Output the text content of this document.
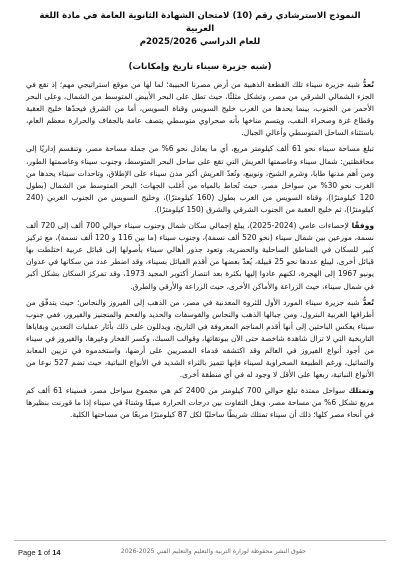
النموذج الاسترشادي رقم (10) لامتحان الشهادة الثانوية العامة في مادة اللغة العربية

للعام الدراسي 2025/2026م

(شبه جزيرة سيناء تاريخ وإمكانات)

تُعدُّ شبه جزيرة سيناء تلك القطعة الذهبية من أرض مصرنا الحبيبة؛ لما لها من موقع استراتيجي مهم؛ إذ تقع في الجزء الشمالي الشرقي من مصر، وتشكل مثلثًا، حيث تطل على البحر الأبيض المتوسط من الشمال، وعلى البحر الأحمر من الجنوب، بينما يحدها من الغرب خليج السويس وقناة السويس، أما من الشرق فيحدّها خليج العقبة وقطاع غزة وصحراء النقب، ويتسم مناخها بأنه صحراوي متوسطي يتصف عامة بالجفاف والحرارة معظم العام، باستثناء الساحل المتوسطي وأعالي الجبال.

تبلغ مساحة سيناء نحو 61 ألف كيلومتر مربع، أي ما يعادل نحو 6% من جملة مساحة مصر، وتنقسم إداريًا إلى محافظتين: شمال سيناء وعاصمتها العريش التي تقع على ساحل البحر المتوسط، وجنوب سيناء وعاصمتها الطور، ومن أهم مدنها طابا، وشرم الشيخ، ونويبع، وتُعدّ العريش أكبر مدن سيناء على الإطلاق، وتاحدات سيناء يحدها من الغرب نحو 30% من سواحل مصر، حيث تُحاط بالمياه من أغلب الجهات: البحر المتوسط من الشمال (بطول 120 كيلومترًا)، وقناة السويس من الغرب بطول (160 كيلومترًا)، وخليج السويس من الجنوب الغربي (240 كيلومترًا)، ثم خليج العقبة من الجنوب الشرقي والشرق (150 كيلومترًا).

ووفقًا لإحصاءات عامي (2024-2025)، يبلغ إجمالي سكان شمال وجنوب سيناء حوالي 700 ألف إلى 720 ألف نسمة، موزعين بين شمال سيناء (نحو 520 ألف نسمة)، وجنوب سيناء (ما بين 116 و 120 ألف نسمة)، مع تركيز كبير للسكان في المناطق الساحلية والحضرية، وتعود جذور أهالي سيناء بأصولها إلى قبائل عربية اختلطت بها قبائل أخرى، ليبلغ عددها نحو 25 قبيلة، يُعدّ بعضها من أقدم القبائل بسيناء، وقد اضطر عدد من سكانها في عدوان يونيو 1967 إلى الهجرة، لكنهم عادوا إليها بكثرة بعد انتصار أكتوبر المجيد 1973، وقد تمركز السكان بشكل أكبر في شمال سيناء، حيث الزراعة والأماكن الأخرى، حيث الزراعة والأرقي والطرق.

تُعدُّ شبه جزيرة سيناء المورد الأول للثروة المعدنية في مصر، من الذهب إلى الفيروز والنحاس؛ حيث يتدفّق من أطرافها الغربية البترول، ومن جبالها الذهب والنحاس والفوسفات والحديد والفحم والمنجنيز والفيروز، ففي جنوب سيناء يعكس الباحثين إلى أنها أقدم المناجم المعروفة في التاريخ، ويدللون على ذلك بأثار عمليات التعدين وبقاياها التاريخية التي لا تزال شاهدة شاخصة حتى الآن ببوتقاتها، وقوالب السبك، وكسر الفخار وغيرها، والفيروز في سيناء من أجود أنواع الفيروز في العالم وقد اكتشفه قدماء المصريين على أرضها، واستخدموه في تزيين المعابد والتماثيل، ورغم الطبيعة الصحراوية لسيناء فإنها تتميز بالثراء الشديد في الأنواع النباتية، حيث تضم 527 نوعا من الأنواع النباتية، ربعها على الأقل لا وجود له في أي منطقة أخرى.

وتمتلك سواحل ممتدة تبلغ حوالي 700 كيلومتر من 2400 كم هي مجموع سواحل مصر، فسيناء 61 ألف كم مربع تشكل 6% من مساحة مصر، ويقل التفاوت بين درجات الحرارة صيفًا وشتاءً في سيناء إذا ما قورنت بنظيرها في أنحاء مصر كلها؛ ذلك أن سيناء تمتلك شريطًا ساحليًا لكل 87 كيلومترًا مربعًا من مساحتها الكلية.

Page 1 of 14	حقوق النشر محفوظة لوزارة التربية والتعليم والتعليم الفني 2025-2026
